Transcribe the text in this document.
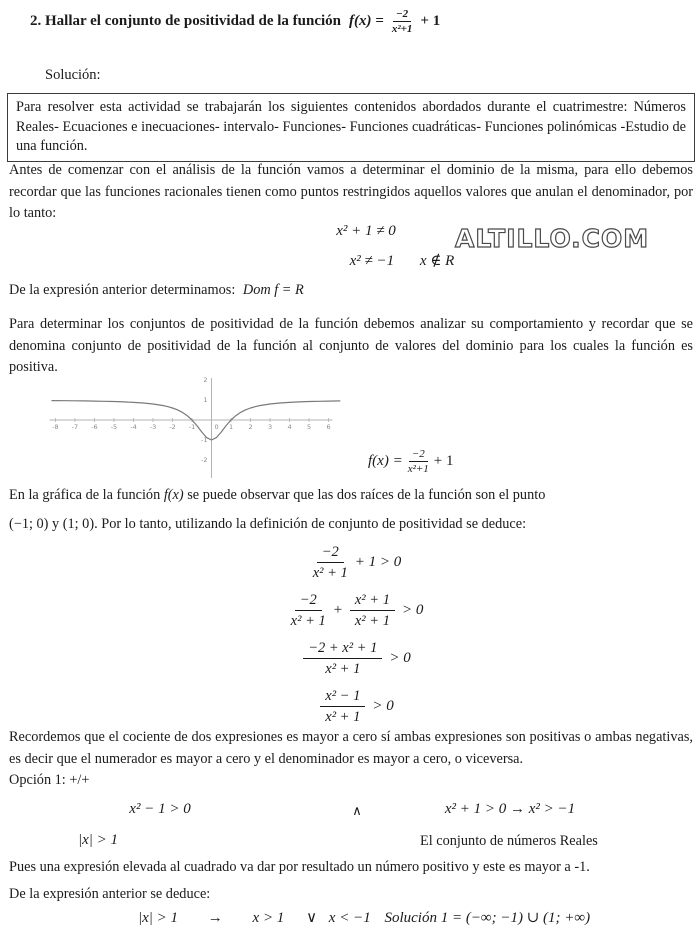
2. Hallar el conjunto de positividad de la función $f(x) = \frac{-2}{\text{x²+1}} + 1$
Solución:
Para resolver esta actividad se trabajarán los siguientes contenidos abordados durante el cuatrimestre: Números Reales- Ecuaciones e inecuaciones- intervalo- Funciones- Funciones cuadráticas- Funciones polinómicas -Estudio de una función.
Antes de comenzar con el análisis de la función vamos a determinar el dominio de la misma, para ello debemos recordar que las funciones racionales tienen como puntos restringidos aquellos valores que anulan el denominador, por lo tanto:
x² + 1 ≠ 0
x² ≠ −1 x ∉ R
ALTILLO.COM
De la expresión anterior determinamos: Dom f = R
Para determinar los conjuntos de positividad de la función debemos analizar su comportamiento y recordar que se denomina conjunto de positividad de la función al conjunto de valores del dominio para los cuales la función es positiva.
-8 -7 -6 -5 -4 -3 -2 -1	0 1 2 3 4 5 6
2
1
-1
-2	$f(x) = \frac{-2}{\text{x²+1}} + 1$
En la gráfica de la función f(x) se puede observar que las dos raíces de la función son el punto
(−1; 0) y (1; 0). Por lo tanto, utilizando la definición de conjunto de positividad se deduce:
$\frac{-2}{\text{x² + 1}} + 1 > 0$
$\frac{-2}{\text{x² + 1}} + \frac{\text{x² + 1}}{\text{x² + 1}} > 0$
$\frac{\text{−2 + x² + 1}}{\text{x² + 1}} > 0$
$\frac{\text{x² − 1}}{\text{x² + 1}} > 0$
Recordemos que el cociente de dos expresiones es mayor a cero sí ambas expresiones son positivas o ambas negativas, es decir que el numerador es mayor a cero y el denominador es mayor a cero, o viceversa.
Opción 1: +/+
x² − 1 > 0	∧	x² + 1 > 0 → x² > −1
|x| > 1	El conjunto de números Reales
Pues una expresión elevada al cuadrado va dar por resultado un número positivo y este es mayor a -1.
De la expresión anterior se deduce:
|x| > 1 → x > 1 ∨ x < −1 Solución 1 = (−∞; −1) ∪ (1; +∞)
